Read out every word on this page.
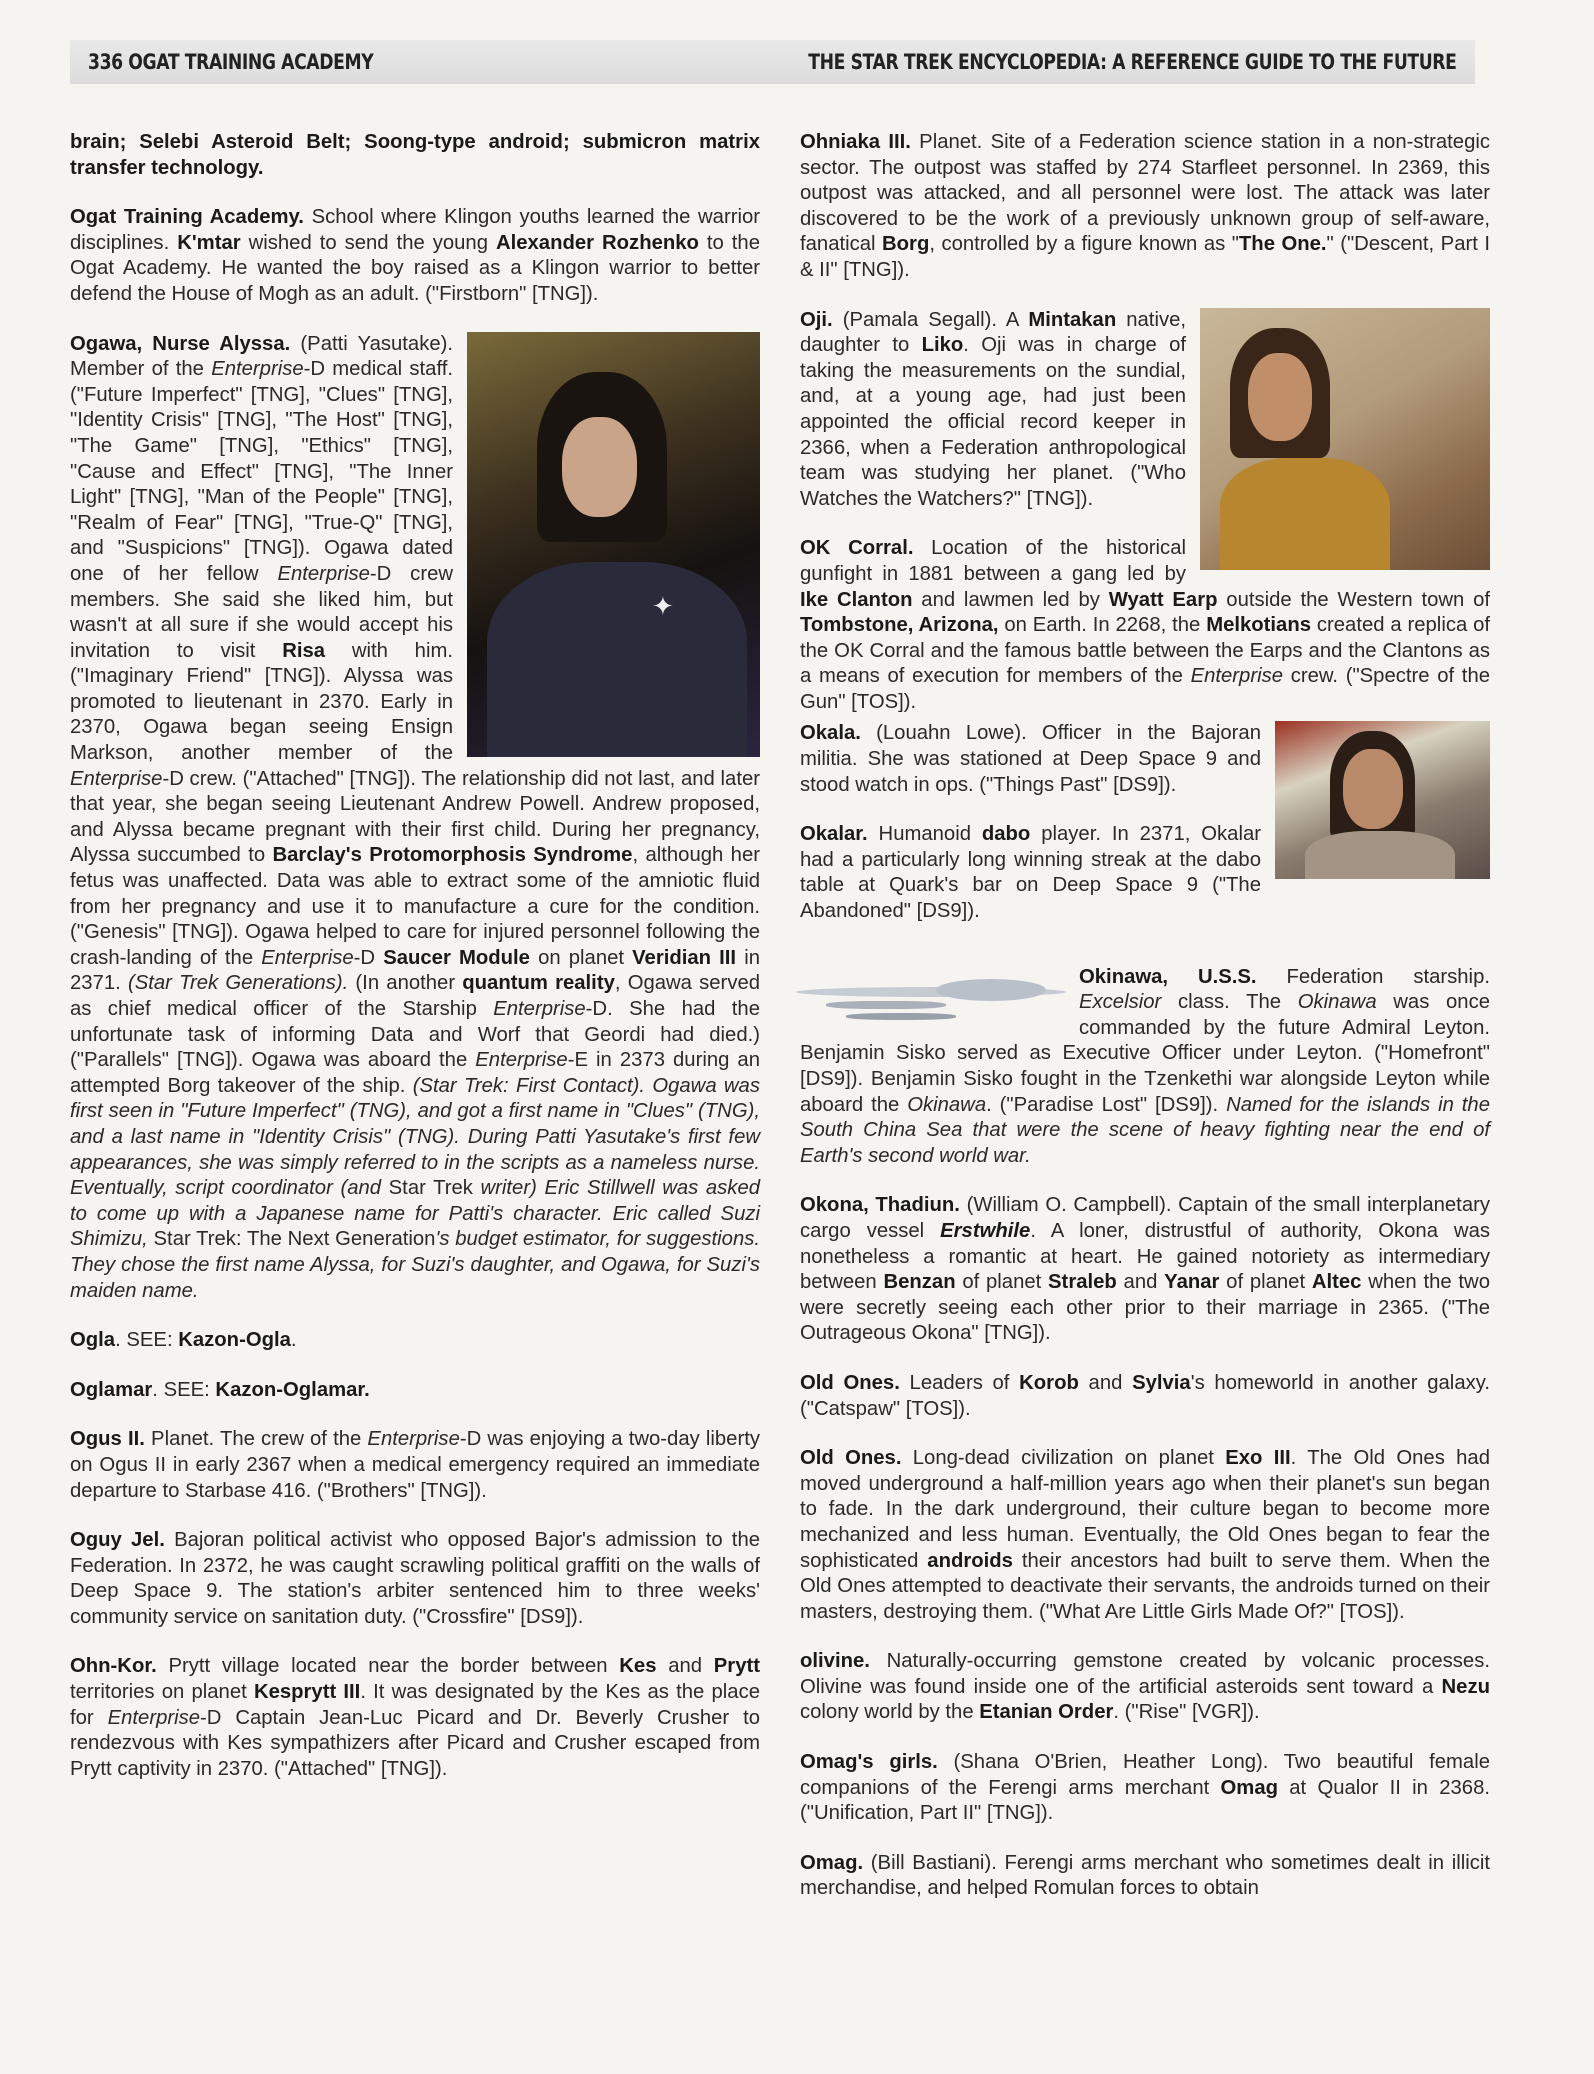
336 OGAT TRAINING ACADEMY	THE STAR TREK ENCYCLOPEDIA: A REFERENCE GUIDE TO THE FUTURE

brain; Selebi Asteroid Belt; Soong-type android; submicron matrix transfer technology.

Ogat Training Academy. School where Klingon youths learned the warrior disciplines. K'mtar wished to send the young Alexander Rozhenko to the Ogat Academy. He wanted the boy raised as a Klingon warrior to better defend the House of Mogh as an adult. ("Firstborn" [TNG]).

✦

Ogawa, Nurse Alyssa. (Patti Yasutake). Member of the Enterprise-D medical staff. ("Future Imperfect" [TNG], "Clues" [TNG], "Identity Crisis" [TNG], "The Host" [TNG], "The Game" [TNG], "Ethics" [TNG], "Cause and Effect" [TNG], "The Inner Light" [TNG], "Man of the People" [TNG], "Realm of Fear" [TNG], "True-Q" [TNG], and "Suspicions" [TNG]). Ogawa dated one of her fellow Enterprise-D crew members. She said she liked him, but wasn't at all sure if she would accept his invitation to visit Risa with him. ("Imaginary Friend" [TNG]). Alyssa was promoted to lieutenant in 2370. Early in 2370, Ogawa began seeing Ensign Markson, another member of the Enterprise-D crew. ("Attached" [TNG]). The relationship did not last, and later that year, she began seeing Lieutenant Andrew Powell. Andrew proposed, and Alyssa became pregnant with their first child. During her pregnancy, Alyssa succumbed to Barclay's Protomorphosis Syndrome, although her fetus was unaffected. Data was able to extract some of the amniotic fluid from her pregnancy and use it to manufacture a cure for the condition. ("Genesis" [TNG]). Ogawa helped to care for injured personnel following the crash-landing of the Enterprise-D Saucer Module on planet Veridian III in 2371. (Star Trek Generations). (In another quantum reality, Ogawa served as chief medical officer of the Starship Enterprise-D. She had the unfortunate task of informing Data and Worf that Geordi had died.) ("Parallels" [TNG]). Ogawa was aboard the Enterprise-E in 2373 during an attempted Borg takeover of the ship. (Star Trek: First Contact). Ogawa was first seen in "Future Imperfect" (TNG), and got a first name in "Clues" (TNG), and a last name in "Identity Crisis" (TNG). During Patti Yasutake's first few appearances, she was simply referred to in the scripts as a nameless nurse. Eventually, script coordinator (and Star Trek writer) Eric Stillwell was asked to come up with a Japanese name for Patti's character. Eric called Suzi Shimizu, Star Trek: The Next Generation's budget estimator, for suggestions. They chose the first name Alyssa, for Suzi's daughter, and Ogawa, for Suzi's maiden name.

Ogla. SEE: Kazon-Ogla.

Oglamar. SEE: Kazon-Oglamar.

Ogus II. Planet. The crew of the Enterprise-D was enjoying a two-day liberty on Ogus II in early 2367 when a medical emergency required an immediate departure to Starbase 416. ("Brothers" [TNG]).

Oguy Jel. Bajoran political activist who opposed Bajor's admission to the Federation. In 2372, he was caught scrawling political graffiti on the walls of Deep Space 9. The station's arbiter sentenced him to three weeks' community service on sanitation duty. ("Crossfire" [DS9]).

Ohn-Kor. Prytt village located near the border between Kes and Prytt territories on planet Kesprytt III. It was designated by the Kes as the place for Enterprise-D Captain Jean-Luc Picard and Dr. Beverly Crusher to rendezvous with Kes sympathizers after Picard and Crusher escaped from Prytt captivity in 2370. ("Attached" [TNG]).

Ohniaka III. Planet. Site of a Federation science station in a non-strategic sector. The outpost was staffed by 274 Starfleet personnel. In 2369, this outpost was attacked, and all personnel were lost. The attack was later discovered to be the work of a previously unknown group of self-aware, fanatical Borg, controlled by a figure known as "The One." ("Descent, Part I & II" [TNG]).

Oji. (Pamala Segall). A Mintakan native, daughter to Liko. Oji was in charge of taking the measurements on the sundial, and, at a young age, had just been appointed the official record keeper in 2366, when a Federation anthropological team was studying her planet. ("Who Watches the Watchers?" [TNG]).

OK Corral. Location of the historical gunfight in 1881 between a gang led by Ike Clanton and lawmen led by Wyatt Earp outside the Western town of Tombstone, Arizona, on Earth. In 2268, the Melkotians created a replica of the OK Corral and the famous battle between the Earps and the Clantons as a means of execution for members of the Enterprise crew. ("Spectre of the Gun" [TOS]).

Okala. (Louahn Lowe). Officer in the Bajoran militia. She was stationed at Deep Space 9 and stood watch in ops. ("Things Past" [DS9]).

Okalar. Humanoid dabo player. In 2371, Okalar had a particularly long winning streak at the dabo table at Quark's bar on Deep Space 9 ("The Abandoned" [DS9]).

Okinawa, U.S.S. Federation starship. Excelsior class. The Okinawa was once commanded by the future Admiral Leyton. Benjamin Sisko served as Executive Officer under Leyton. ("Homefront" [DS9]). Benjamin Sisko fought in the Tzenkethi war alongside Leyton while aboard the Okinawa. ("Paradise Lost" [DS9]). Named for the islands in the South China Sea that were the scene of heavy fighting near the end of Earth's second world war.

Okona, Thadiun. (William O. Campbell). Captain of the small interplanetary cargo vessel Erstwhile. A loner, distrustful of authority, Okona was nonetheless a romantic at heart. He gained notoriety as intermediary between Benzan of planet Straleb and Yanar of planet Altec when the two were secretly seeing each other prior to their marriage in 2365. ("The Outrageous Okona" [TNG]).

Old Ones. Leaders of Korob and Sylvia's homeworld in another galaxy. ("Catspaw" [TOS]).

Old Ones. Long-dead civilization on planet Exo III. The Old Ones had moved underground a half-million years ago when their planet's sun began to fade. In the dark underground, their culture began to become more mechanized and less human. Eventually, the Old Ones began to fear the sophisticated androids their ancestors had built to serve them. When the Old Ones attempted to deactivate their servants, the androids turned on their masters, destroying them. ("What Are Little Girls Made Of?" [TOS]).

olivine. Naturally-occurring gemstone created by volcanic processes. Olivine was found inside one of the artificial asteroids sent toward a Nezu colony world by the Etanian Order. ("Rise" [VGR]).

Omag's girls. (Shana O'Brien, Heather Long). Two beautiful female companions of the Ferengi arms merchant Omag at Qualor II in 2368. ("Unification, Part II" [TNG]).

Omag. (Bill Bastiani). Ferengi arms merchant who sometimes dealt in illicit merchandise, and helped Romulan forces to obtain
